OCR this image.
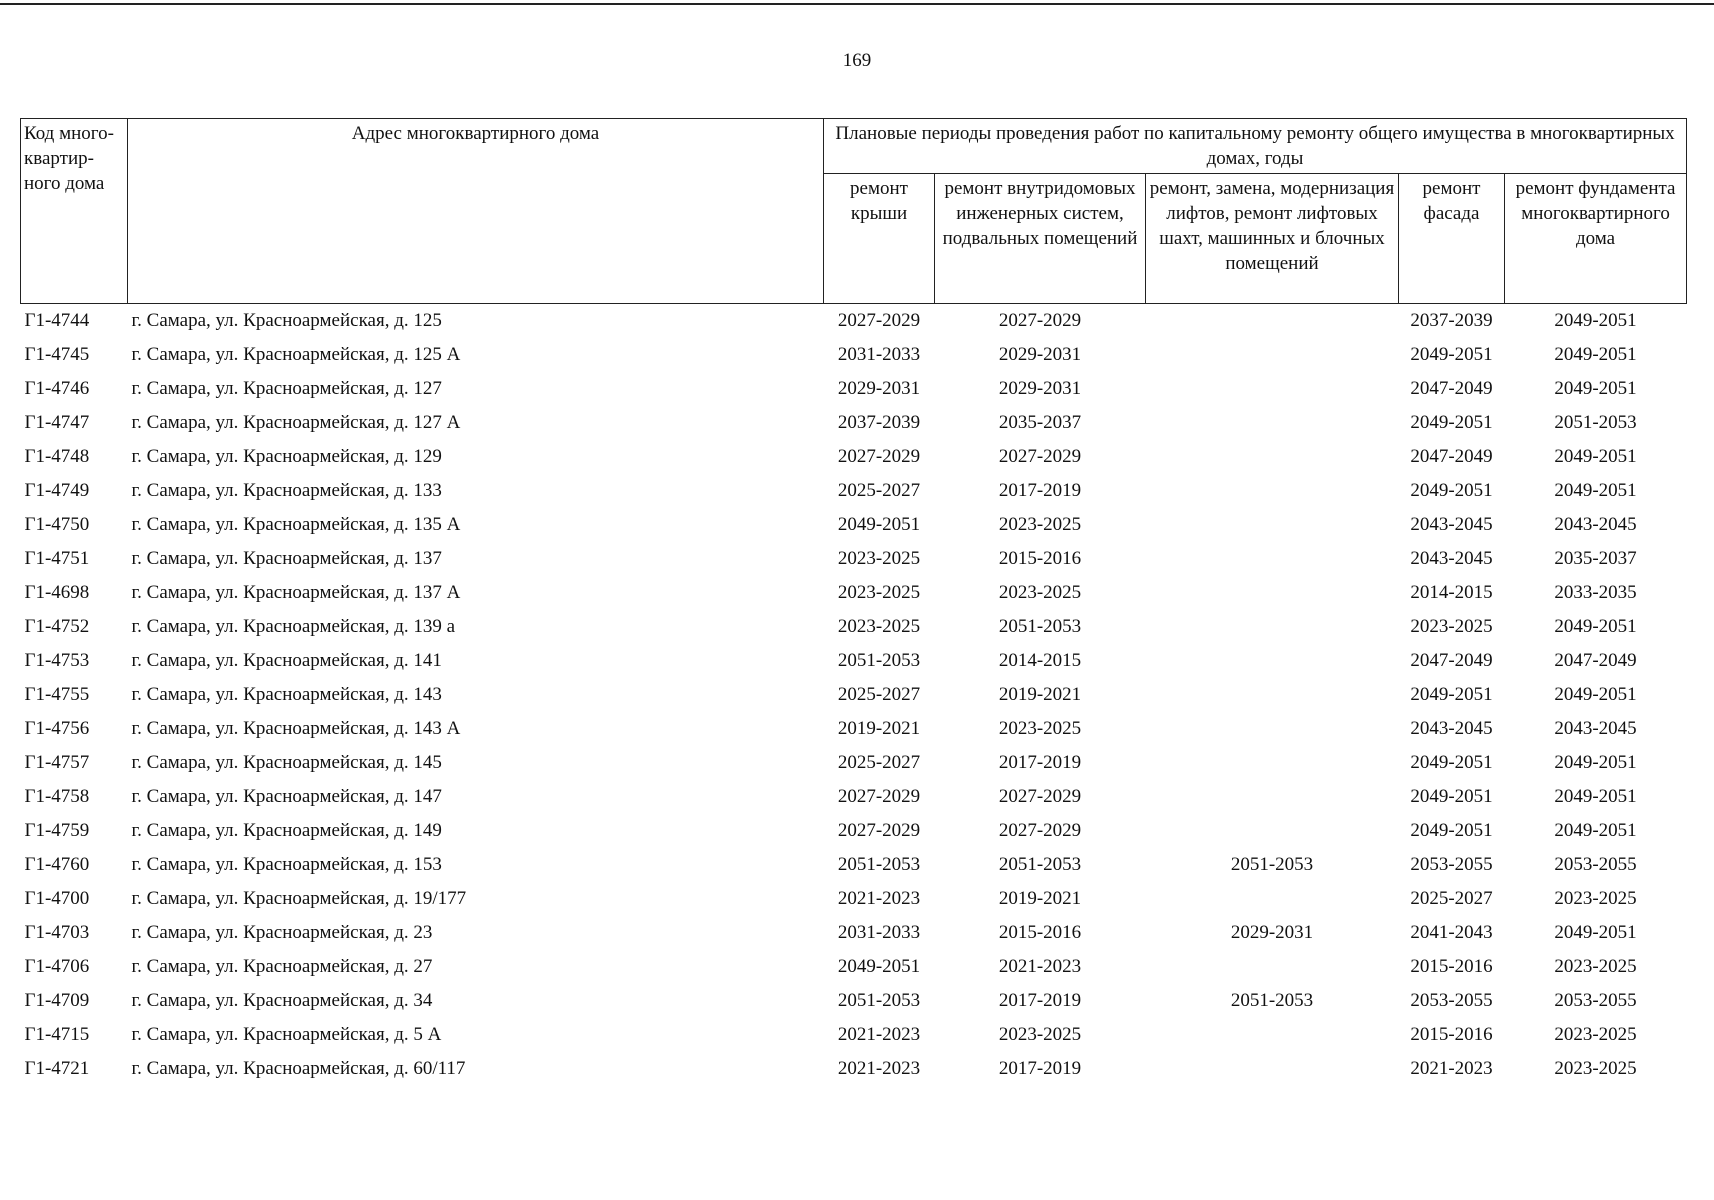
169
Код много-квартир-ного дома	Адрес многоквартирного дома	Плановые периоды проведения работ по капитальному ремонту общего имущества в многоквартирных домах, годы				
		ремонт крыши	ремонт внутридомовых инженерных систем, подвальных помещений	ремонт, замена, модернизация лифтов, ремонт лифтовых шахт, машинных и блочных помещений	ремонт фасада	ремонт фундамента многоквартирного дома
Г1-4744	г. Самара, ул. Красноармейская, д. 125	2027-2029	2027-2029		2037-2039	2049-2051
Г1-4745	г. Самара, ул. Красноармейская, д. 125 А	2031-2033	2029-2031		2049-2051	2049-2051
Г1-4746	г. Самара, ул. Красноармейская, д. 127	2029-2031	2029-2031		2047-2049	2049-2051
Г1-4747	г. Самара, ул. Красноармейская, д. 127 А	2037-2039	2035-2037		2049-2051	2051-2053
Г1-4748	г. Самара, ул. Красноармейская, д. 129	2027-2029	2027-2029		2047-2049	2049-2051
Г1-4749	г. Самара, ул. Красноармейская, д. 133	2025-2027	2017-2019		2049-2051	2049-2051
Г1-4750	г. Самара, ул. Красноармейская, д. 135 А	2049-2051	2023-2025		2043-2045	2043-2045
Г1-4751	г. Самара, ул. Красноармейская, д. 137	2023-2025	2015-2016		2043-2045	2035-2037
Г1-4698	г. Самара, ул. Красноармейская, д. 137 А	2023-2025	2023-2025		2014-2015	2033-2035
Г1-4752	г. Самара, ул. Красноармейская, д. 139 а	2023-2025	2051-2053		2023-2025	2049-2051
Г1-4753	г. Самара, ул. Красноармейская, д. 141	2051-2053	2014-2015		2047-2049	2047-2049
Г1-4755	г. Самара, ул. Красноармейская, д. 143	2025-2027	2019-2021		2049-2051	2049-2051
Г1-4756	г. Самара, ул. Красноармейская, д. 143 А	2019-2021	2023-2025		2043-2045	2043-2045
Г1-4757	г. Самара, ул. Красноармейская, д. 145	2025-2027	2017-2019		2049-2051	2049-2051
Г1-4758	г. Самара, ул. Красноармейская, д. 147	2027-2029	2027-2029		2049-2051	2049-2051
Г1-4759	г. Самара, ул. Красноармейская, д. 149	2027-2029	2027-2029		2049-2051	2049-2051
Г1-4760	г. Самара, ул. Красноармейская, д. 153	2051-2053	2051-2053	2051-2053	2053-2055	2053-2055
Г1-4700	г. Самара, ул. Красноармейская, д. 19/177	2021-2023	2019-2021		2025-2027	2023-2025
Г1-4703	г. Самара, ул. Красноармейская, д. 23	2031-2033	2015-2016	2029-2031	2041-2043	2049-2051
Г1-4706	г. Самара, ул. Красноармейская, д. 27	2049-2051	2021-2023		2015-2016	2023-2025
Г1-4709	г. Самара, ул. Красноармейская, д. 34	2051-2053	2017-2019	2051-2053	2053-2055	2053-2055
Г1-4715	г. Самара, ул. Красноармейская, д. 5 А	2021-2023	2023-2025		2015-2016	2023-2025
Г1-4721	г. Самара, ул. Красноармейская, д. 60/117	2021-2023	2017-2019		2021-2023	2023-2025
